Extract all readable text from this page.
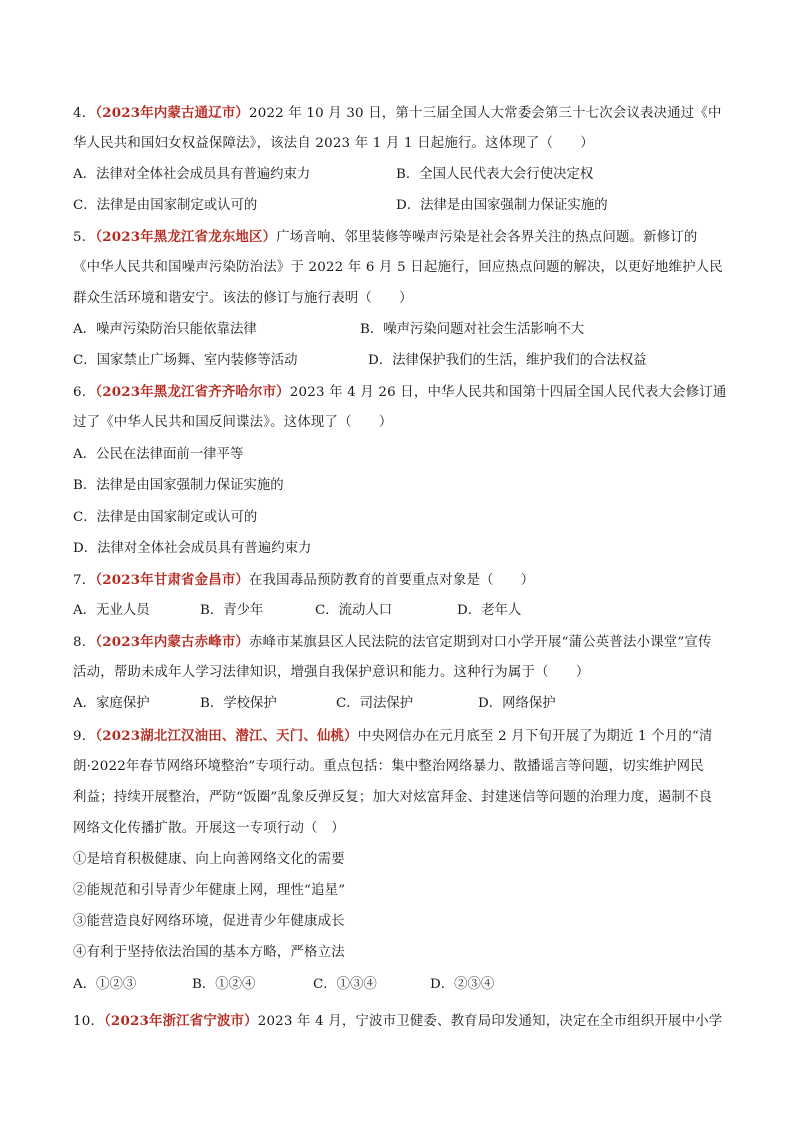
4．（2023年内蒙古通辽市）2022 年 10 月 30 日，第十三届全国人大常委会第三十七次会议表决通过《中
华人民共和国妇女权益保障法》，该法自 2023 年 1 月 1 日起施行。这体现了（　　）
A．法律对全体社会成员具有普遍约束力	B．全国人民代表大会行使决定权
C．法律是由国家制定或认可的	D．法律是由国家强制力保证实施的
5．（2023年黑龙江省龙东地区）广场音响、邻里装修等噪声污染是社会各界关注的热点问题。新修订的
《中华人民共和国噪声污染防治法》于 2022 年 6 月 5 日起施行，回应热点问题的解决，以更好地维护人民
群众生活环境和谐安宁。该法的修订与施行表明（　　）
A．噪声污染防治只能依靠法律	B．噪声污染问题对社会生活影响不大
C．国家禁止广场舞、室内装修等活动	D．法律保护我们的生活，维护我们的合法权益
6．（2023年黑龙江省齐齐哈尔市）2023 年 4 月 26 日，中华人民共和国第十四届全国人民代表大会修订通
过了《中华人民共和国反间谍法》。这体现了（　　）
A．公民在法律面前一律平等
B．法律是由国家强制力保证实施的
C．法律是由国家制定或认可的
D．法律对全体社会成员具有普遍约束力
7．（2023年甘肃省金昌市）在我国毒品预防教育的首要重点对象是（　　）
A．无业人员	B．青少年	C．流动人口	D．老年人
8．（2023年内蒙古赤峰市）赤峰市某旗县区人民法院的法官定期到对口小学开展“蒲公英普法小课堂”宣传
活动，帮助未成年人学习法律知识，增强自我保护意识和能力。这种行为属于（　　）
A．家庭保护	B．学校保护	C．司法保护	D．网络保护
9．（2023湖北江汉油田、潜江、天门、仙桃）中央网信办在元月底至 2 月下旬开展了为期近 1 个月的“清
朗·2022年春节网络环境整治”专项行动。重点包括：集中整治网络暴力、散播谣言等问题，切实维护网民
利益；持续开展整治，严防“饭圈”乱象反弹反复；加大对炫富拜金、封建迷信等问题的治理力度，遏制不良
网络文化传播扩散。开展这一专项行动（　）
①是培育积极健康、向上向善网络文化的需要
②能规范和引导青少年健康上网，理性“追星”
③能营造良好网络环境，促进青少年健康成长
④有利于坚持依法治国的基本方略，严格立法
A．①②③	B．①②④	C．①③④	D．②③④
10．（2023年浙江省宁波市）2023 年 4 月，宁波市卫健委、教育局印发通知，决定在全市组织开展中小学
